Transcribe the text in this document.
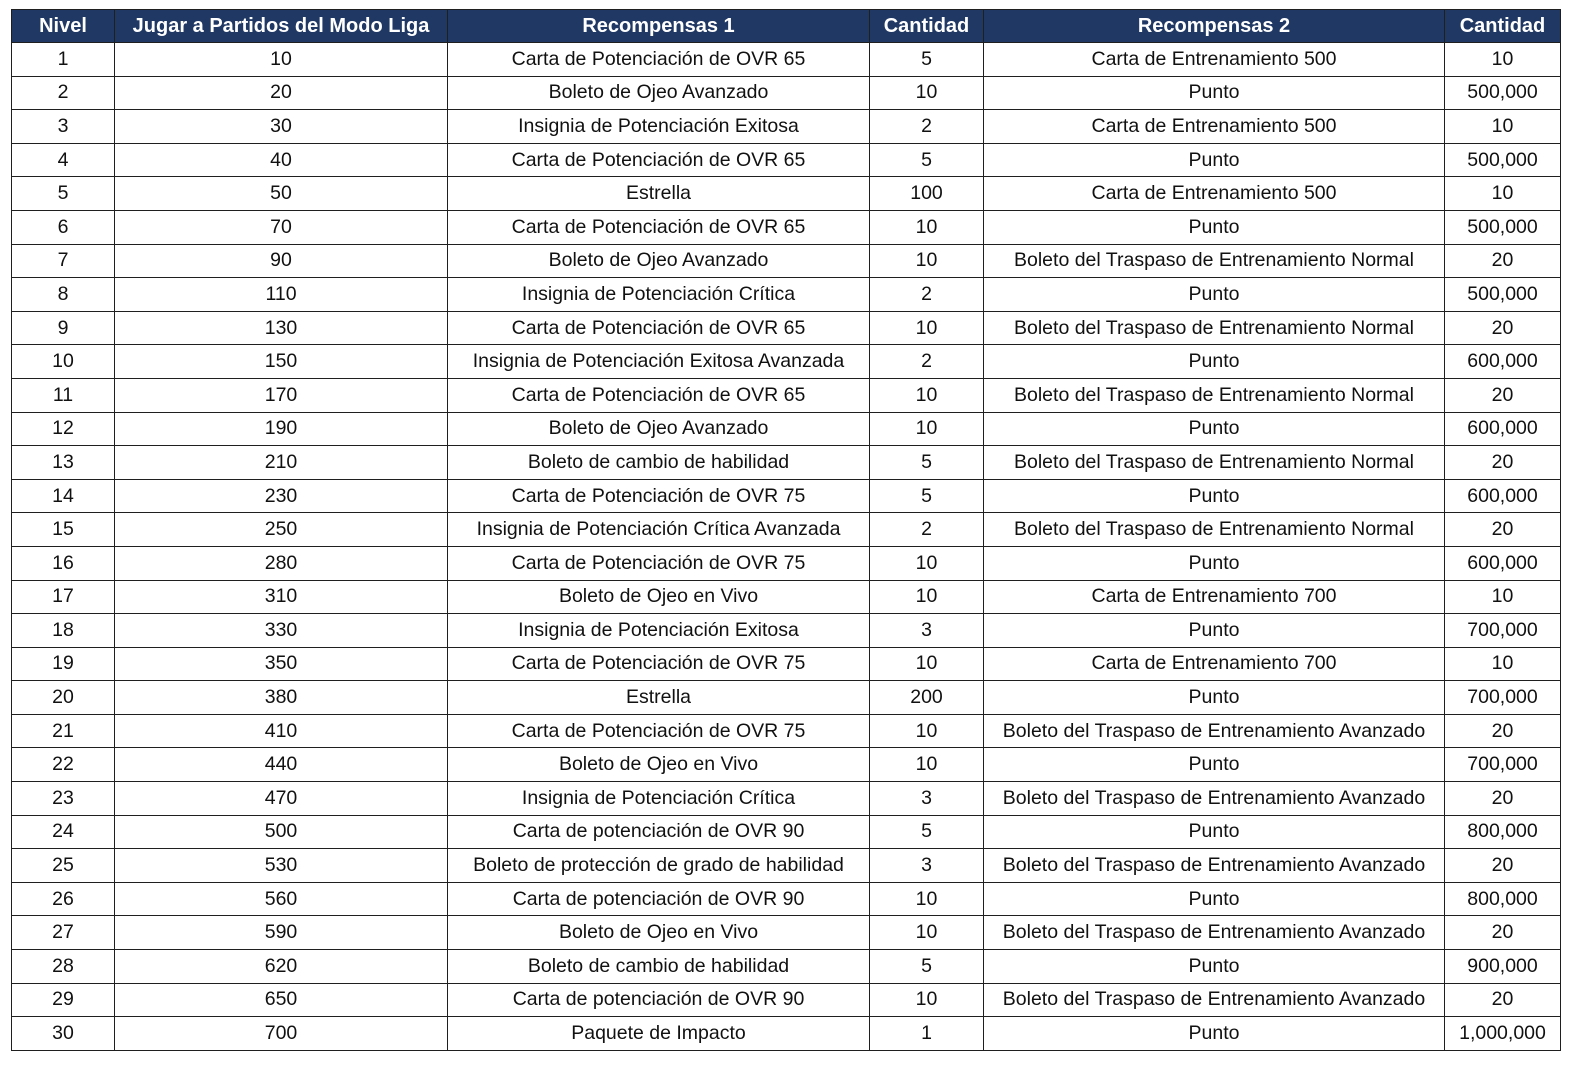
Nivel	Jugar a Partidos del Modo Liga	Recompensas 1	Cantidad	Recompensas 2	Cantidad
1	10	Carta de Potenciación de OVR 65	5	Carta de Entrenamiento 500	10
2	20	Boleto de Ojeo Avanzado	10	Punto	500,000
3	30	Insignia de Potenciación Exitosa	2	Carta de Entrenamiento 500	10
4	40	Carta de Potenciación de OVR 65	5	Punto	500,000
5	50	Estrella	100	Carta de Entrenamiento 500	10
6	70	Carta de Potenciación de OVR 65	10	Punto	500,000
7	90	Boleto de Ojeo Avanzado	10	Boleto del Traspaso de Entrenamiento Normal	20
8	110	Insignia de Potenciación Crítica	2	Punto	500,000
9	130	Carta de Potenciación de OVR 65	10	Boleto del Traspaso de Entrenamiento Normal	20
10	150	Insignia de Potenciación Exitosa Avanzada	2	Punto	600,000
11	170	Carta de Potenciación de OVR 65	10	Boleto del Traspaso de Entrenamiento Normal	20
12	190	Boleto de Ojeo Avanzado	10	Punto	600,000
13	210	Boleto de cambio de habilidad	5	Boleto del Traspaso de Entrenamiento Normal	20
14	230	Carta de Potenciación de OVR 75	5	Punto	600,000
15	250	Insignia de Potenciación Crítica Avanzada	2	Boleto del Traspaso de Entrenamiento Normal	20
16	280	Carta de Potenciación de OVR 75	10	Punto	600,000
17	310	Boleto de Ojeo en Vivo	10	Carta de Entrenamiento 700	10
18	330	Insignia de Potenciación Exitosa	3	Punto	700,000
19	350	Carta de Potenciación de OVR 75	10	Carta de Entrenamiento 700	10
20	380	Estrella	200	Punto	700,000
21	410	Carta de Potenciación de OVR 75	10	Boleto del Traspaso de Entrenamiento Avanzado	20
22	440	Boleto de Ojeo en Vivo	10	Punto	700,000
23	470	Insignia de Potenciación Crítica	3	Boleto del Traspaso de Entrenamiento Avanzado	20
24	500	Carta de potenciación de OVR 90	5	Punto	800,000
25	530	Boleto de protección de grado de habilidad	3	Boleto del Traspaso de Entrenamiento Avanzado	20
26	560	Carta de potenciación de OVR 90	10	Punto	800,000
27	590	Boleto de Ojeo en Vivo	10	Boleto del Traspaso de Entrenamiento Avanzado	20
28	620	Boleto de cambio de habilidad	5	Punto	900,000
29	650	Carta de potenciación de OVR 90	10	Boleto del Traspaso de Entrenamiento Avanzado	20
30	700	Paquete de Impacto	1	Punto	1,000,000
